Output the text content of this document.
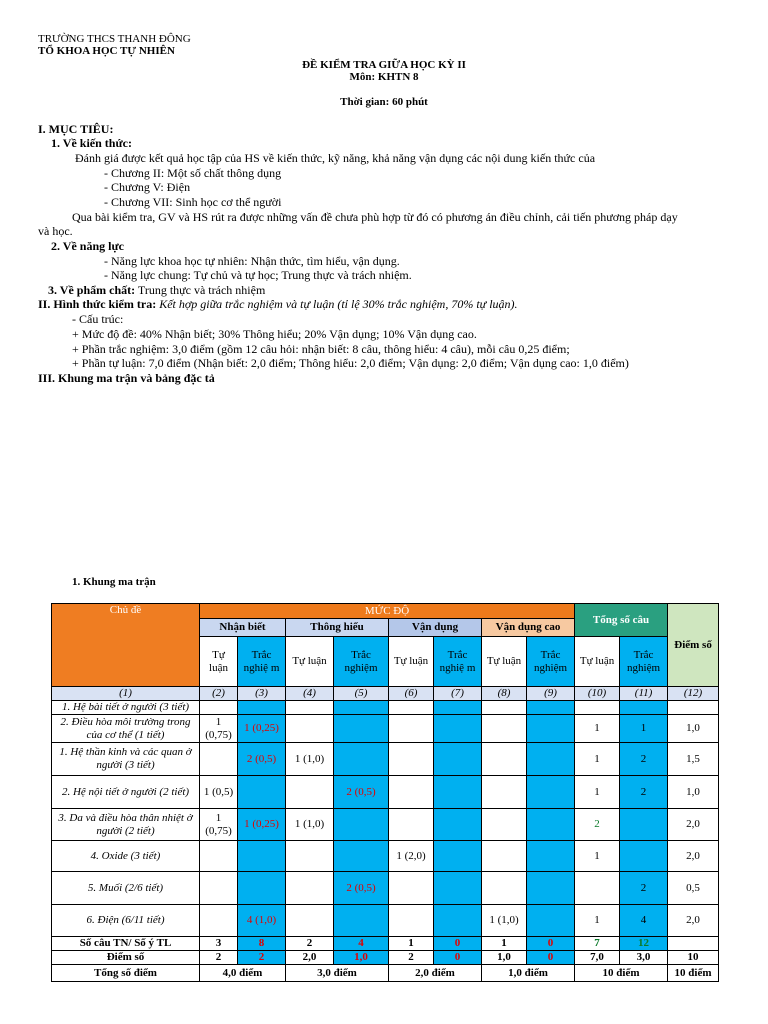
TRƯỜNG THCS THANH ĐÔNG
TỔ KHOA HỌC TỰ NHIÊN
ĐỀ KIỂM TRA GIỮA HỌC KỲ II
Môn: KHTN 8
Thời gian: 60 phút
I. MỤC TIÊU:
1. Về kiến thức:
Đánh giá được kết quả học tập của HS về kiến thức, kỹ năng, khả năng vận dụng các nội dung kiến thức của
- Chương II: Một số chất thông dụng
- Chương V: Điện
- Chương VII: Sinh học cơ thể người
Qua bài kiểm tra, GV và HS rút ra được những vấn đề chưa phù hợp từ đó có phương án điều chỉnh, cải tiến phương pháp dạy
và học.
2. Về năng lực
- Năng lực khoa học tự nhiên: Nhận thức, tìm hiểu, vận dụng.
- Năng lực chung: Tự chủ và tự học; Trung thực và trách nhiệm.
3. Về phẩm chất: Trung thực và trách nhiệm
II. Hình thức kiểm tra: Kết hợp giữa trắc nghiệm và tự luận (tỉ lệ 30% trắc nghiệm, 70% tự luận).
- Cấu trúc:
+ Mức độ đề: 40% Nhận biết; 30% Thông hiểu; 20% Vận dụng; 10% Vận dụng cao.
+ Phần trắc nghiệm: 3,0 điểm (gồm 12 câu hỏi: nhận biết: 8 câu, thông hiểu: 4 câu), mỗi câu 0,25 điểm;
+ Phần tự luận: 7,0 điểm (Nhận biết: 2,0 điểm; Thông hiểu: 2,0 điểm; Vận dụng: 2,0 điểm; Vận dụng cao: 1,0 điểm)
III. Khung ma trận và bảng đặc tả
1. Khung ma trận
Chủ đề	MỨC ĐỘ								Tổng số câu		Điểm số
	Nhận biết		Thông hiểu		Vận dụng		Vận dụng cao				
	Tự luận	Trắc nghiệ m	Tự luận	Trắc nghiệm	Tự luận	Trắc nghiệ m	Tự luận	Trắc nghiệm	Tự luận	Trắc nghiệm	
(1)	(2)	(3)	(4)	(5)	(6)	(7)	(8)	(9)	(10)	(11)	(12)
1. Hệ bài tiết ở người (3 tiết)											
2. Điều hòa môi trường trong của cơ thể (1 tiết)	1 (0,75)	1 (0,25)							1	1	1,0
1. Hệ thần kinh và các quan ở người (3 tiết)		2 (0,5)	1 (1,0)						1	2	1,5
2. Hệ nội tiết ở người (2 tiết)	1 (0,5)			2 (0,5)					1	2	1,0
3. Da và điều hòa thân nhiệt ở người (2 tiết)	1 (0,75)	1 (0,25)	1 (1,0)						2		2,0
4. Oxide (3 tiết)					1 (2,0)				1		2,0
5. Muối (2/6 tiết)				2 (0,5)						2	0,5
6. Điện (6/11 tiết)		4 (1,0)					1 (1,0)		1	4	2,0
Số câu TN/ Số ý TL	3	8	2	4	1	0	1	0	7	12	
Điểm số	2	2	2,0	1,0	2	0	1,0	0	7,0	3,0	10
Tổng số điểm	4,0 điểm		3,0 điểm		2,0 điểm		1,0 điểm		10 điểm		10 điểm
